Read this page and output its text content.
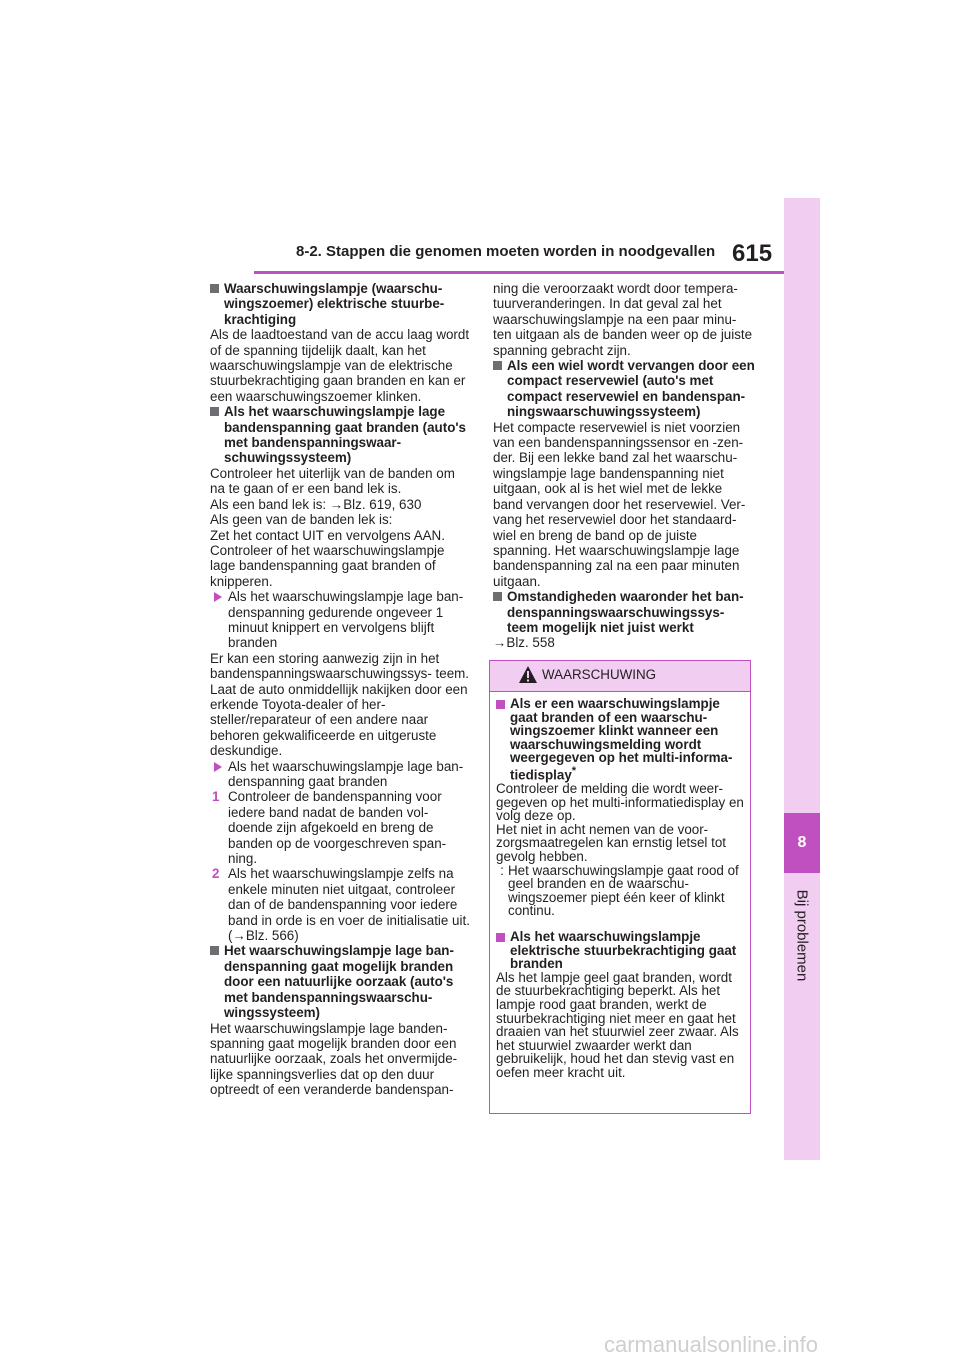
8
Bij problemen
8-2. Stappen die genomen moeten worden in noodgevallen 615
Waarschuwingslampje (waarschu- wingszoemer) elektrische stuurbe- krachtiging

Als de laadtoestand van de accu laag wordt of de spanning tijdelijk daalt, kan het waarschuwingslampje van de elektrische stuurbekrachtiging gaan branden en kan er een waarschuwingszoemer klinken.

Als het waarschuwingslampje lage bandenspanning gaat branden (auto's met bandenspanningswaar- schuwingssysteem)

Controleer het uiterlijk van de banden om na te gaan of er een band lek is.

Als een band lek is: →Blz. 619, 630

Als geen van de banden lek is:

Zet het contact UIT en vervolgens AAN. Controleer of het waarschuwingslampje lage bandenspanning gaat branden of knipperen.

Als het waarschuwingslampje lage ban- denspanning gedurende ongeveer 1 minuut knippert en vervolgens blijft branden

Er kan een storing aanwezig zijn in het bandenspanningswaarschuwingssys- teem. Laat de auto onmiddellijk nakijken door een erkende Toyota-dealer of her- steller/reparateur of een andere naar behoren gekwalificeerde en uitgeruste deskundige.

Als het waarschuwingslampje lage ban- denspanning gaat branden
1 Controleer de bandenspanning voor iedere band nadat de banden vol- doende zijn afgekoeld en breng de banden op de voorgeschreven span- ning.
2 Als het waarschuwingslampje zelfs na enkele minuten niet uitgaat, controleer dan of de bandenspanning voor iedere band in orde is en voer de initialisatie uit. (→Blz. 566)
Het waarschuwingslampje lage ban- denspanning gaat mogelijk branden door een natuurlijke oorzaak (auto's met bandenspanningswaarschu- wingssysteem)

Het waarschuwingslampje lage banden- spanning gaat mogelijk branden door een natuurlijke oorzaak, zoals het onvermijde- lijke spanningsverlies dat op den duur optreedt of een veranderde bandenspan-

ning die veroorzaakt wordt door tempera- tuurveranderingen. In dat geval zal het waarschuwingslampje na een paar minu- ten uitgaan als de banden weer op de juiste spanning gebracht zijn.

Als een wiel wordt vervangen door een compact reservewiel (auto's met compact reservewiel en bandenspan- ningswaarschuwingssysteem)

Het compacte reservewiel is niet voorzien van een bandenspanningssensor en -zen- der. Bij een lekke band zal het waarschu- wingslampje lage bandenspanning niet uitgaan, ook al is het wiel met de lekke band vervangen door het reservewiel. Ver- vang het reservewiel door het standaard- wiel en breng de band op de juiste spanning. Het waarschuwingslampje lage bandenspanning zal na een paar minuten uitgaan.

Omstandigheden waaronder het ban- denspanningswaarschuwingssys- teem mogelijk niet juist werkt

→Blz. 558

WAARSCHUWING
Als er een waarschuwingslampje gaat branden of een waarschu- wingszoemer klinkt wanneer een waarschuwingsmelding wordt weergegeven op het multi-informa- tiedisplay*

Controleer de melding die wordt weer- gegeven op het multi-informatiedisplay en volg deze op.

Het niet in acht nemen van de voor- zorgsmaatregelen kan ernstig letsel tot gevolg hebben.

: Het waarschuwingslampje gaat rood of geel branden en de waarschu- wingszoemer piept één keer of klinkt continu.
Als het waarschuwingslampje elektrische stuurbekrachtiging gaat branden

Als het lampje geel gaat branden, wordt de stuurbekrachtiging beperkt. Als het lampje rood gaat branden, werkt de stuurbekrachtiging niet meer en gaat het draaien van het stuurwiel zeer zwaar. Als het stuurwiel zwaarder werkt dan gebruikelijk, houd het dan stevig vast en oefen meer kracht uit.

carmanualsonline.info
